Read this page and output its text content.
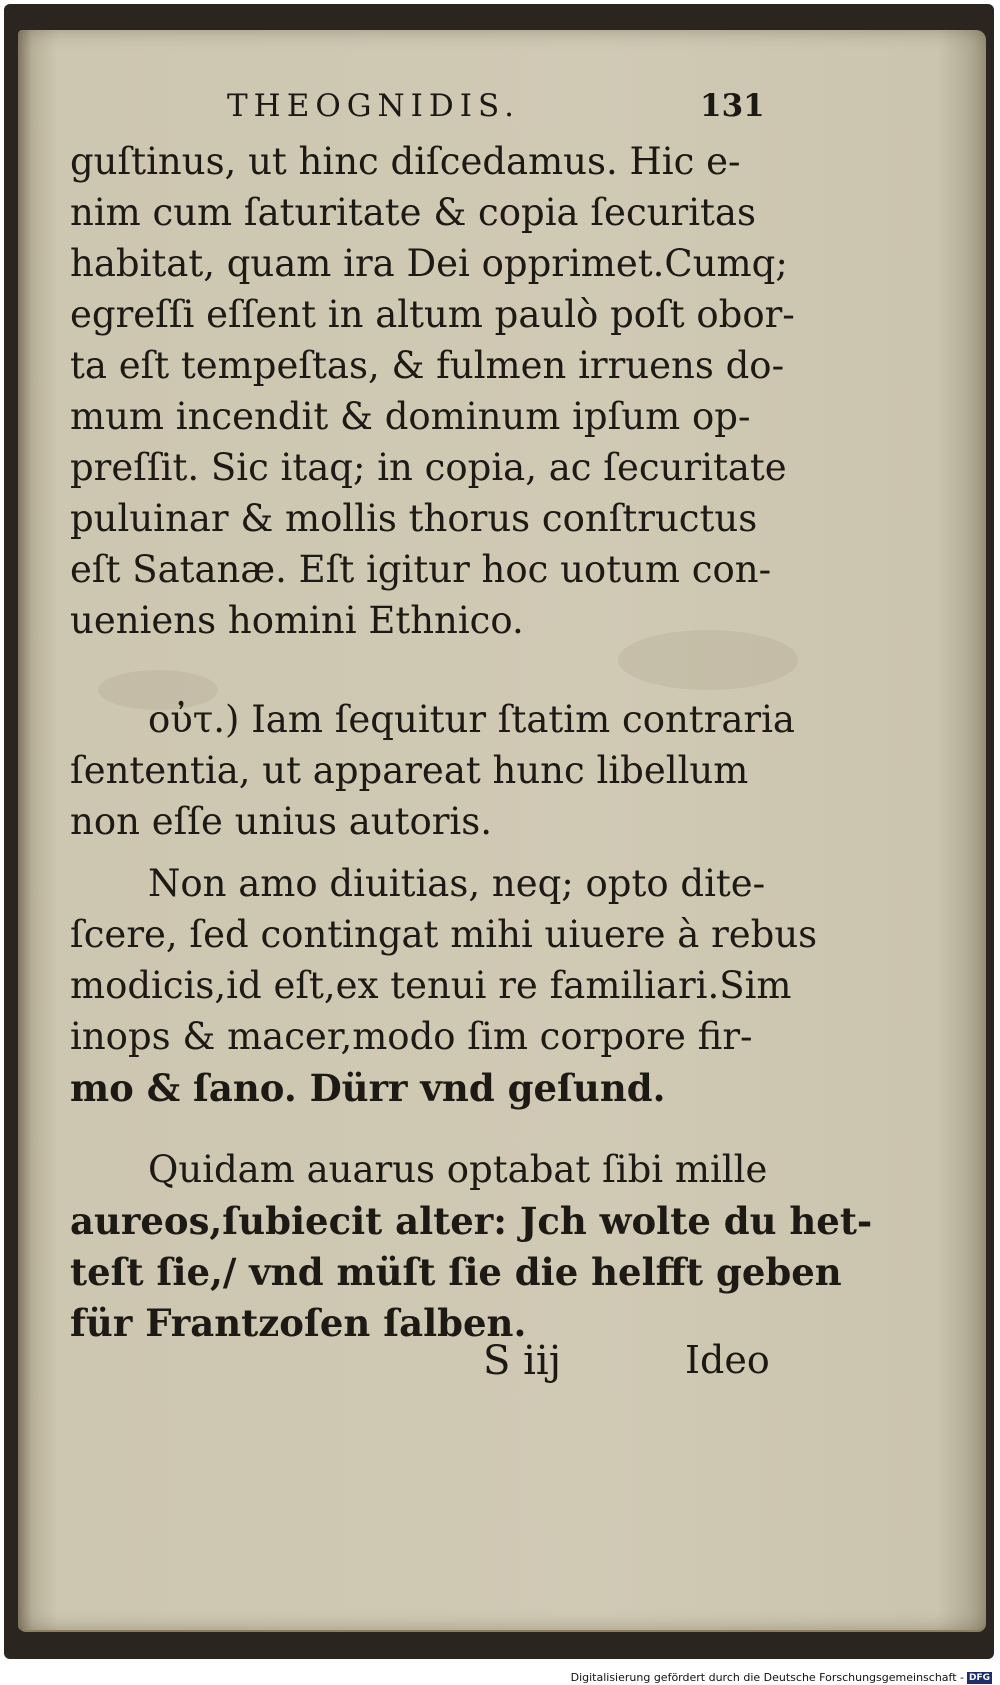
THEOGNIDIS.	131
guſtinus, ut hinc diſcedamus. Hic e-
nim cum ſaturitate & copia ſecuritas
habitat, quam ira Dei opprimet.Cumq;
egreſſi eſſent in altum paulò poſt obor-
ta eſt tempeſtas, & fulmen irruens do-
mum incendit & dominum ipſum op-
preſſit. Sic itaq; in copia, ac ſecuritate
puluinar & mollis thorus conſtructus
eſt Satanæ. Eſt igitur hoc uotum con-
ueniens homini Ethnico.
οὐτ.) Iam ſequitur ſtatim contraria
ſententia, ut appareat hunc libellum
non eſſe unius autoris.
Non amo diuitias, neq; opto dite-
ſcere, ſed contingat mihi uiuere à rebus
modicis,id eſt,ex tenui re familiari.Sim
inops & macer,modo ſim corpore fir-
mo & ſano. Dürr vnd geſund.
Quidam auarus optabat ſibi mille
aureos,ſubiecit alter: Jch wolte du het-
teſt ſie,/ vnd müſt ſie die helfft geben
für Frantzoſen ſalben.
S iij	Ideo
Digitalisierung gefördert durch die Deutsche Forschungsgemeinschaft - DFG
